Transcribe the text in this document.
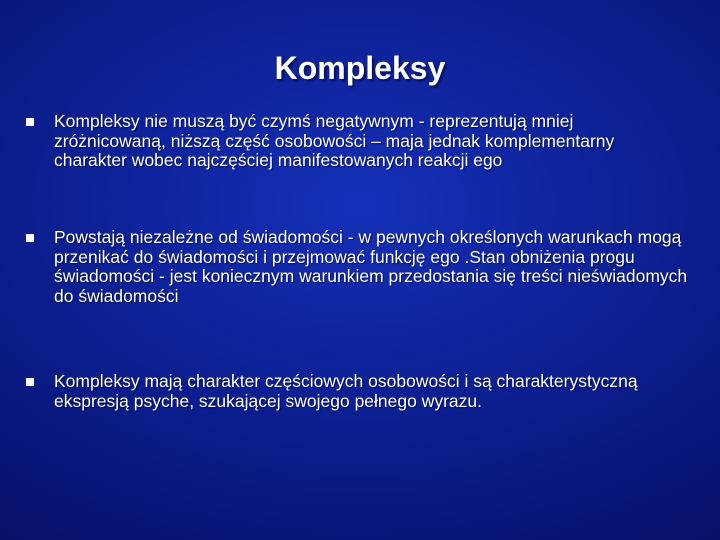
Kompleksy
Kompleksy nie muszą być czymś negatywnym - reprezentują mniej zróżnicowaną, niższą część osobowości – maja jednak komplementarny charakter wobec najczęściej manifestowanych reakcji ego
Powstają niezależne od świadomości - w pewnych określonych warunkach mogą przenikać do świadomości i przejmować funkcję ego .Stan obniżenia progu świadomości - jest koniecznym warunkiem przedostania się treści nieświadomych do świadomości
Kompleksy mają charakter częściowych osobowości i są charakterystyczną ekspresją psyche, szukającej swojego pełnego wyrazu.
